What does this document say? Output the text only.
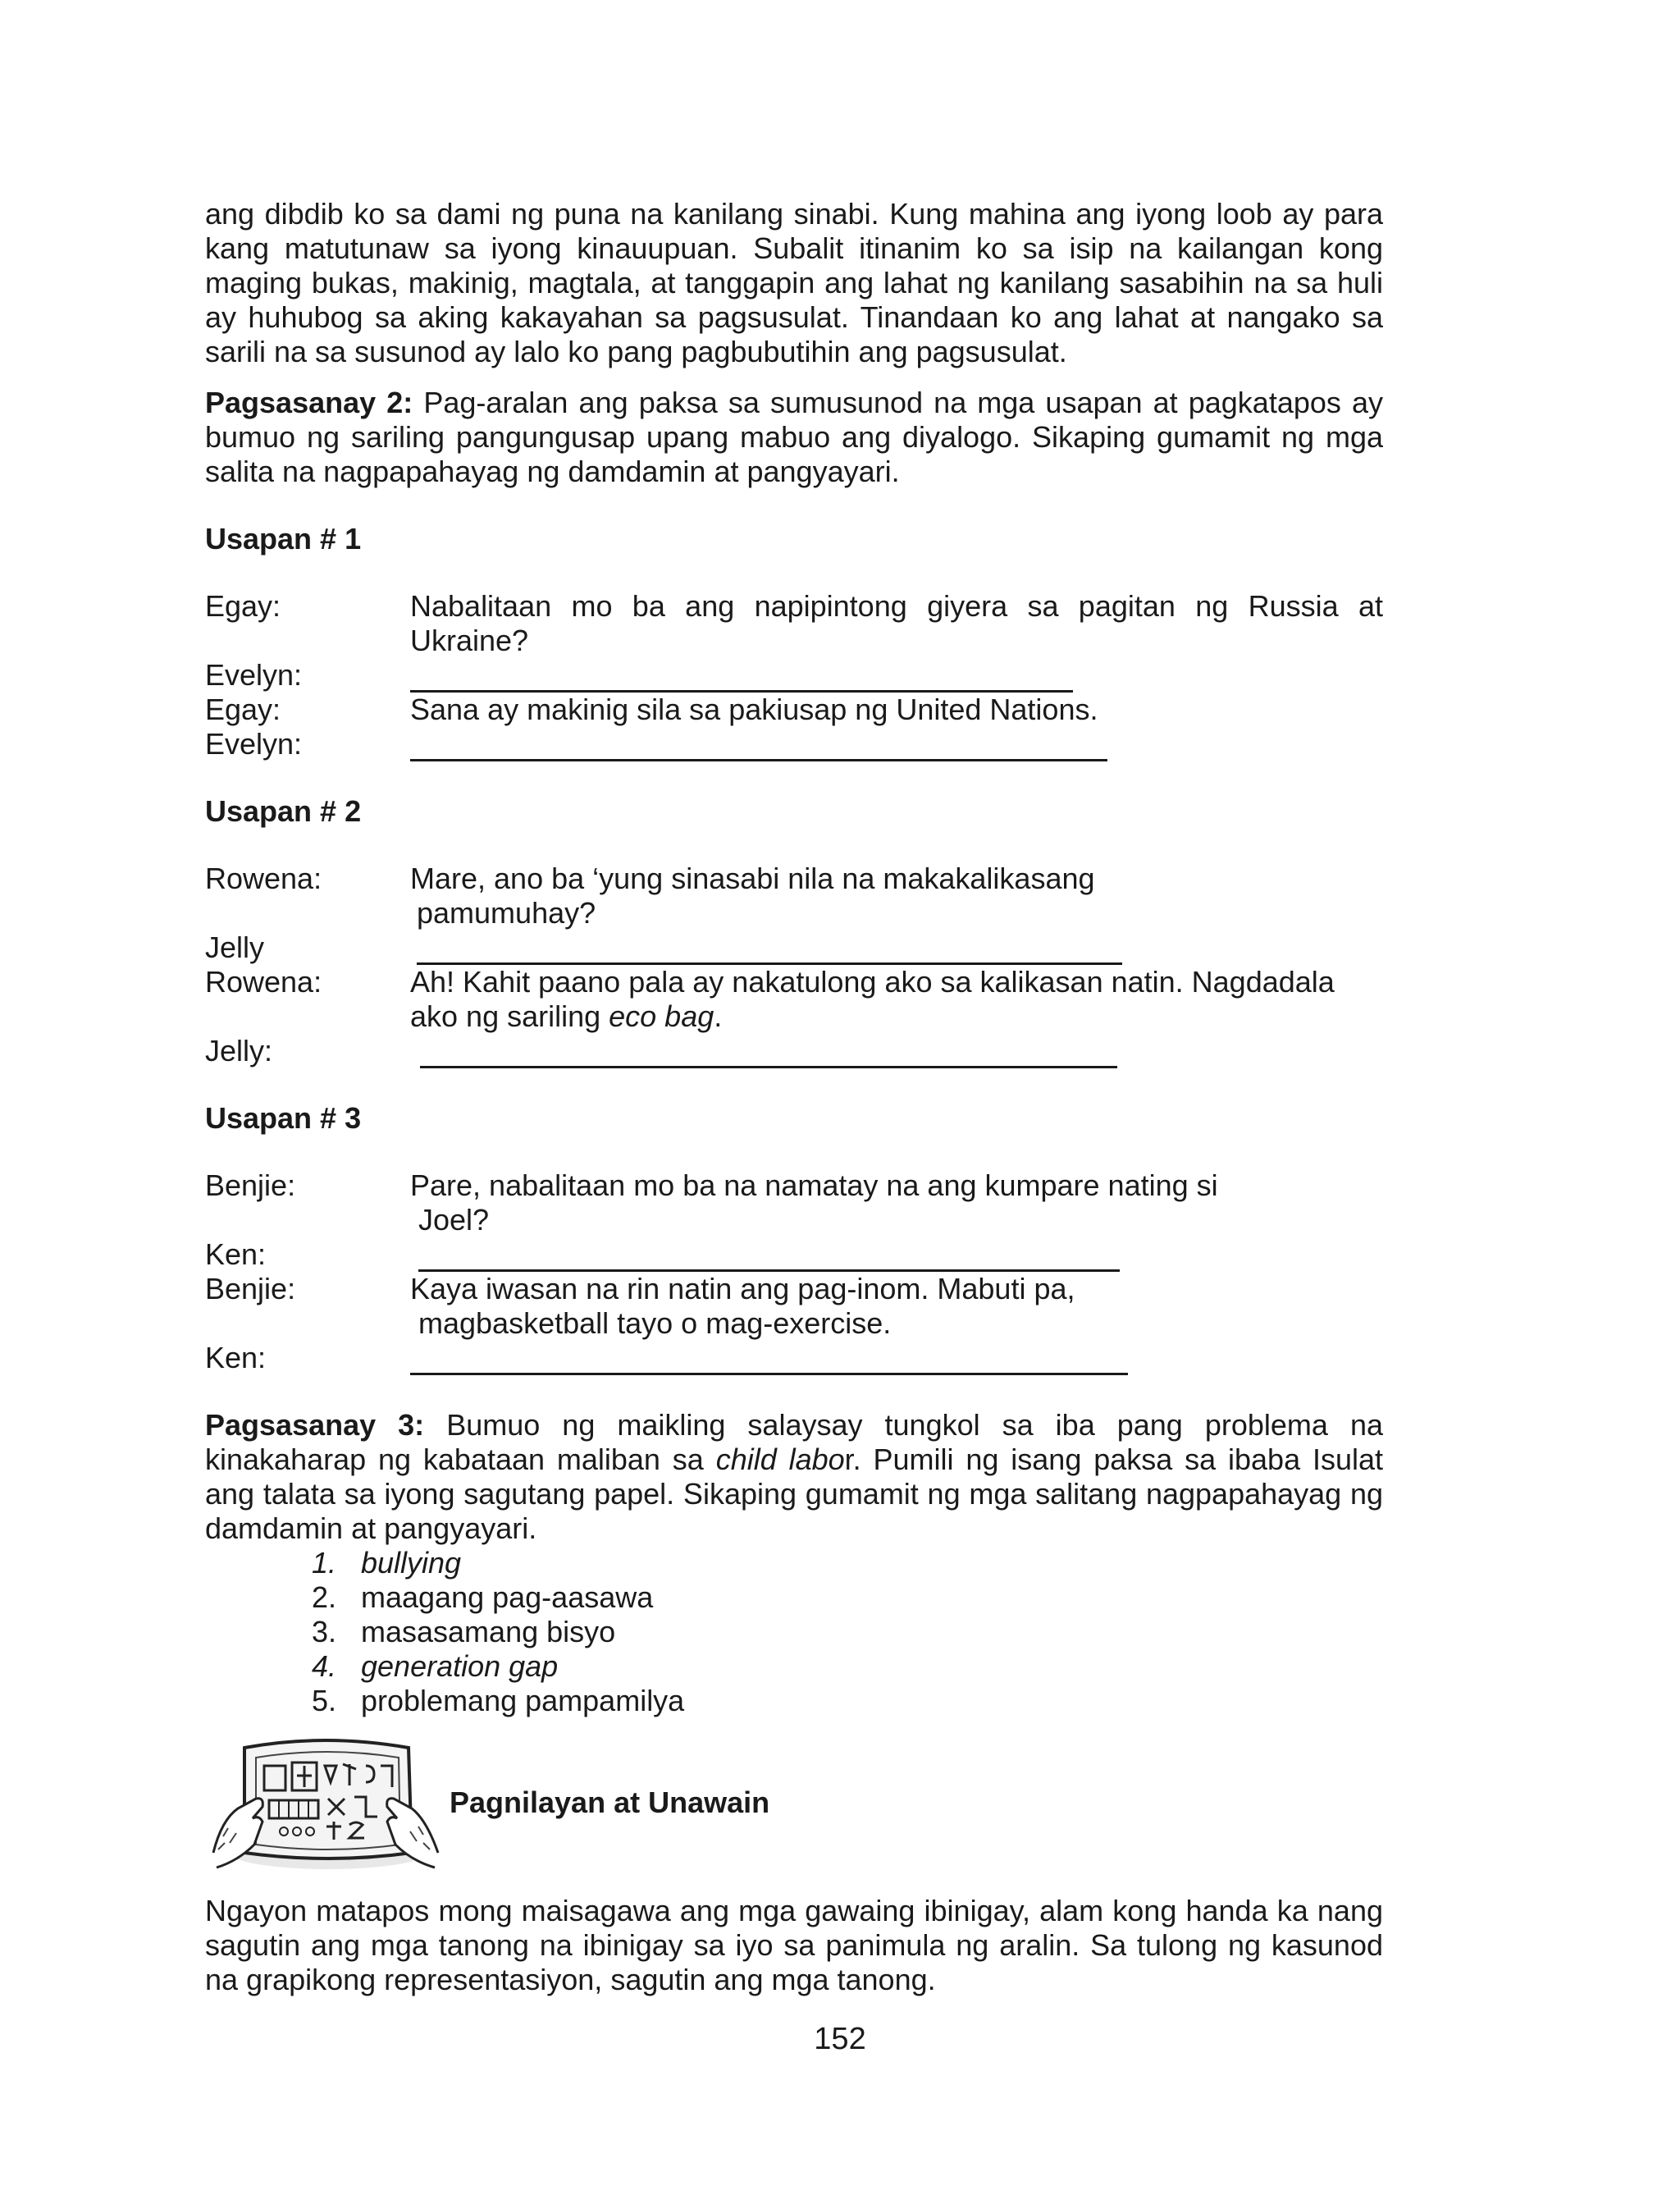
ang dibdib ko sa dami ng puna na kanilang sinabi. Kung mahina ang iyong loob ay para kang matutunaw sa iyong kinauupuan. Subalit itinanim ko sa isip na kailangan kong maging bukas, makinig, magtala, at tanggapin ang lahat ng kanilang sasabihin na sa huli ay huhubog sa aking kakayahan sa pagsusulat. Tinandaan ko ang lahat at nangako sa sarili na sa susunod ay lalo ko pang pagbubutihin ang pagsusulat.

Pagsasanay 2: Pag-aralan ang paksa sa sumusunod na mga usapan at pagkatapos ay bumuo ng sariling pangungusap upang mabuo ang diyalogo. Sikaping gumamit ng mga salita na nagpapahayag ng damdamin at pangyayari.

Usapan # 1

Egay:	Nabalitaan mo ba ang napipintong giyera sa pagitan ng Russia at Ukraine?
Evelyn:
Egay:	Sana ay makinig sila sa pakiusap ng United Nations.
Evelyn:

Usapan # 2

Rowena:	Mare, ano ba ‘yung sinasabi nila na makakalikasang
pamumuhay?
Jelly
Rowena:	Ah! Kahit paano pala ay nakatulong ako sa kalikasan natin. Nagdadala
ako ng sariling eco bag.
Jelly:

Usapan # 3

Benjie:	Pare, nabalitaan mo ba na namatay na ang kumpare nating si
Joel?
Ken:
Benjie:	Kaya iwasan na rin natin ang pag-inom. Mabuti pa,
magbasketball tayo o mag-exercise.
Ken:

Pagsasanay 3: Bumuo ng maikling salaysay tungkol sa iba pang problema na kinakaharap ng kabataan maliban sa child labor. Pumili ng isang paksa sa ibaba Isulat ang talata sa iyong sagutang papel. Sikaping gumamit ng mga salitang nagpapahayag ng damdamin at pangyayari.

1. bullying
2. maagang pag-aasawa
3. masasamang bisyo
4. generation gap
5. problemang pampamilya
Pagnilayan at Unawain

Ngayon matapos mong maisagawa ang mga gawaing ibinigay, alam kong handa ka nang sagutin ang mga tanong na ibinigay sa iyo sa panimula ng aralin. Sa tulong ng kasunod na grapikong representasiyon, sagutin ang mga tanong.

152
